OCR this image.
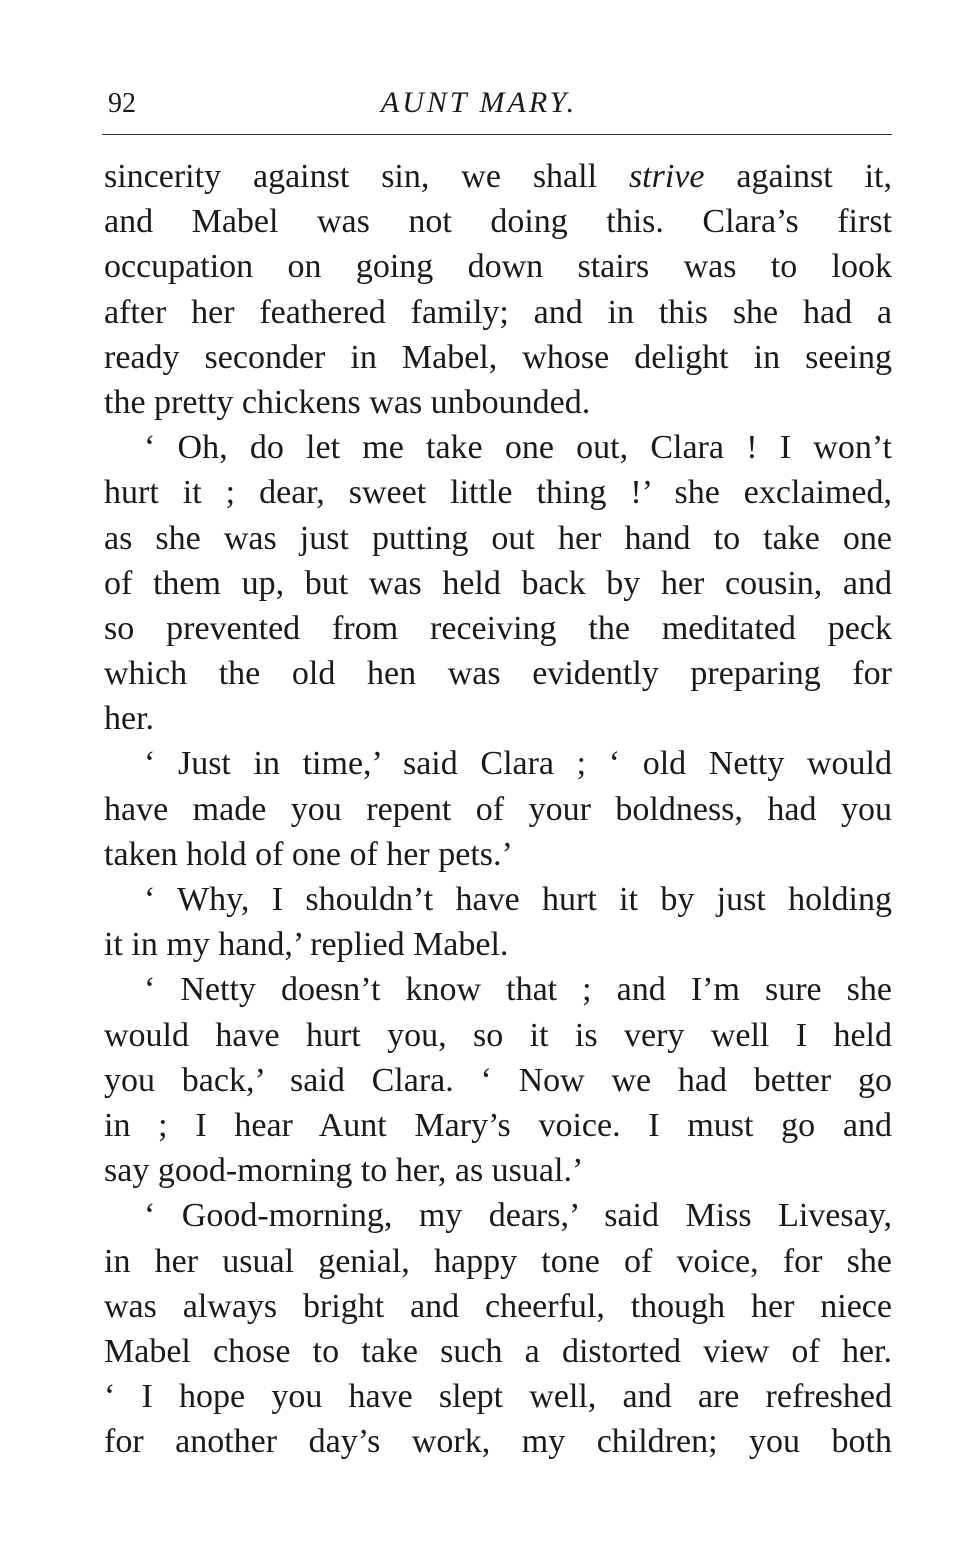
92	AUNT MARY.
sincerity against sin, we shall strive against it,
and Mabel was not doing this. Clara’s first
occupation on going down stairs was to look
after her feathered family; and in this she had a
ready seconder in Mabel, whose delight in seeing
the pretty chickens was unbounded.
‘ Oh, do let me take one out, Clara ! I won’t
hurt it ; dear, sweet little thing !’ she exclaimed,
as she was just putting out her hand to take one
of them up, but was held back by her cousin, and
so prevented from receiving the meditated peck
which the old hen was evidently preparing for
her.
‘ Just in time,’ said Clara ; ‘ old Netty would
have made you repent of your boldness, had you
taken hold of one of her pets.’
‘ Why, I shouldn’t have hurt it by just holding
it in my hand,’ replied Mabel.
‘ Netty doesn’t know that ; and I’m sure she
would have hurt you, so it is very well I held
you back,’ said Clara. ‘ Now we had better go
in ; I hear Aunt Mary’s voice. I must go and
say good-morning to her, as usual.’
‘ Good-morning, my dears,’ said Miss Livesay,
in her usual genial, happy tone of voice, for she
was always bright and cheerful, though her niece
Mabel chose to take such a distorted view of her.
‘ I hope you have slept well, and are refreshed
for another day’s work, my children; you both
